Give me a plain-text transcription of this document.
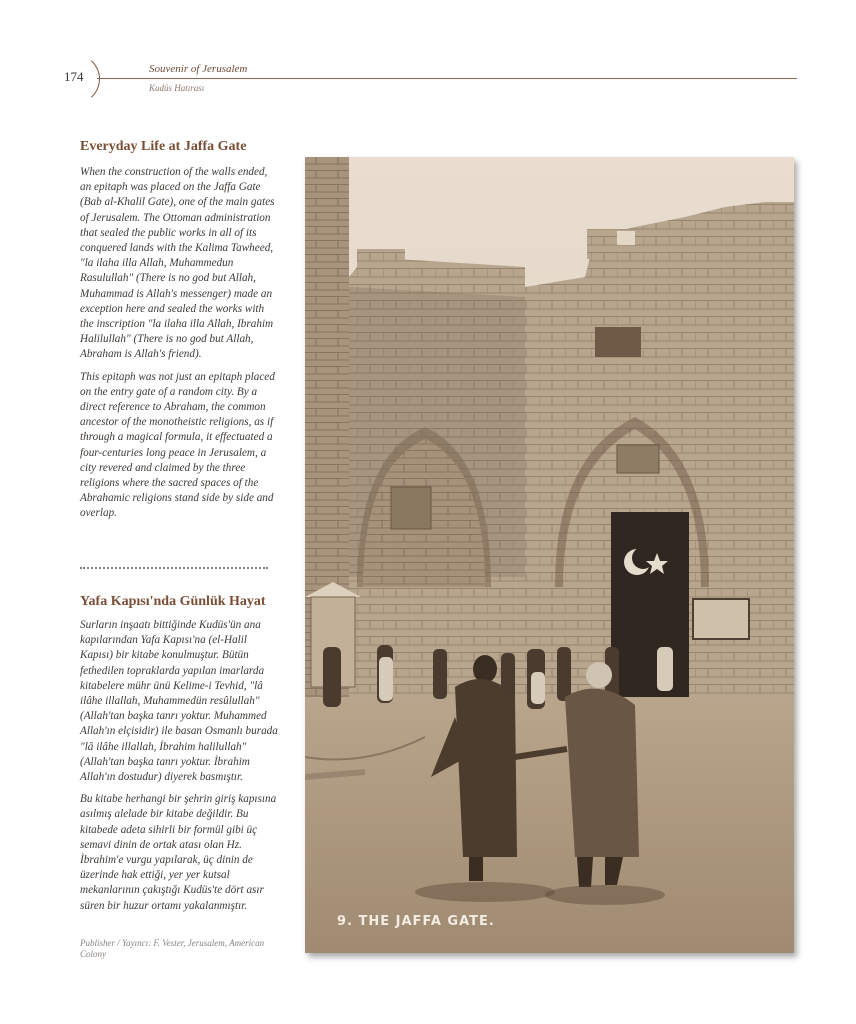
174	Souvenir of Jerusalem
Kudüs Hatırası
Everyday Life at Jaffa Gate

When the construction of the walls ended, an epitaph was placed on the Jaffa Gate (Bab al-Khalil Gate), one of the main gates of Jerusalem. The Ottoman administration that sealed the public works in all of its conquered lands with the Kalima Tawheed, "la ilaha illa Allah, Muhammedun Rasulullah" (There is no god but Allah, Muhammad is Allah's messenger) made an exception here and sealed the works with the inscription "la ilaha illa Allah, Ibrahim Halilullah" (There is no god but Allah, Abraham is Allah's friend).

This epitaph was not just an epitaph placed on the entry gate of a random city. By a direct reference to Abraham, the common ancestor of the monotheistic religions, as if through a magical formula, it effectuated a four-centuries long peace in Jerusalem, a city revered and claimed by the three religions where the sacred spaces of the Abrahamic religions stand side by side and overlap.

Yafa Kapısı'nda Günlük Hayat

Surların inşaatı bittiğinde Kudüs'ün ana kapılarından Yafa Kapısı'na (el-Halil Kapısı) bir kitabe konulmuştur. Bütün fethedilen topraklarda yapılan imarlarda kitabelere mühr ünü Kelime-i Tevhid, "lâ ilâhe illallah, Muhammedün resûlullah" (Allah'tan başka tanrı yoktur. Muhammed Allah'ın elçisidir) ile basan Osmanlı burada "lâ ilâhe illallah, İbrahim halilullah" (Allah'tan başka tanrı yoktur. İbrahim Allah'ın dostudur) diyerek basmıştır.

Bu kitabe herhangi bir şehrin giriş kapısına asılmış alelade bir kitabe değildir. Bu kitabede adeta sihirli bir formül gibi üç semavi dinin de ortak atası olan Hz. İbrahim'e vurgu yapılarak, üç dinin de üzerinde hak ettiği, yer yer kutsal mekanlarının çakıştığı Kudüs'te dört asır süren bir huzur ortamı yakalanmıştır.

Publisher / Yayıncı: F. Vester, Jerusalem, American Colony
9. THE JAFFA GATE.
